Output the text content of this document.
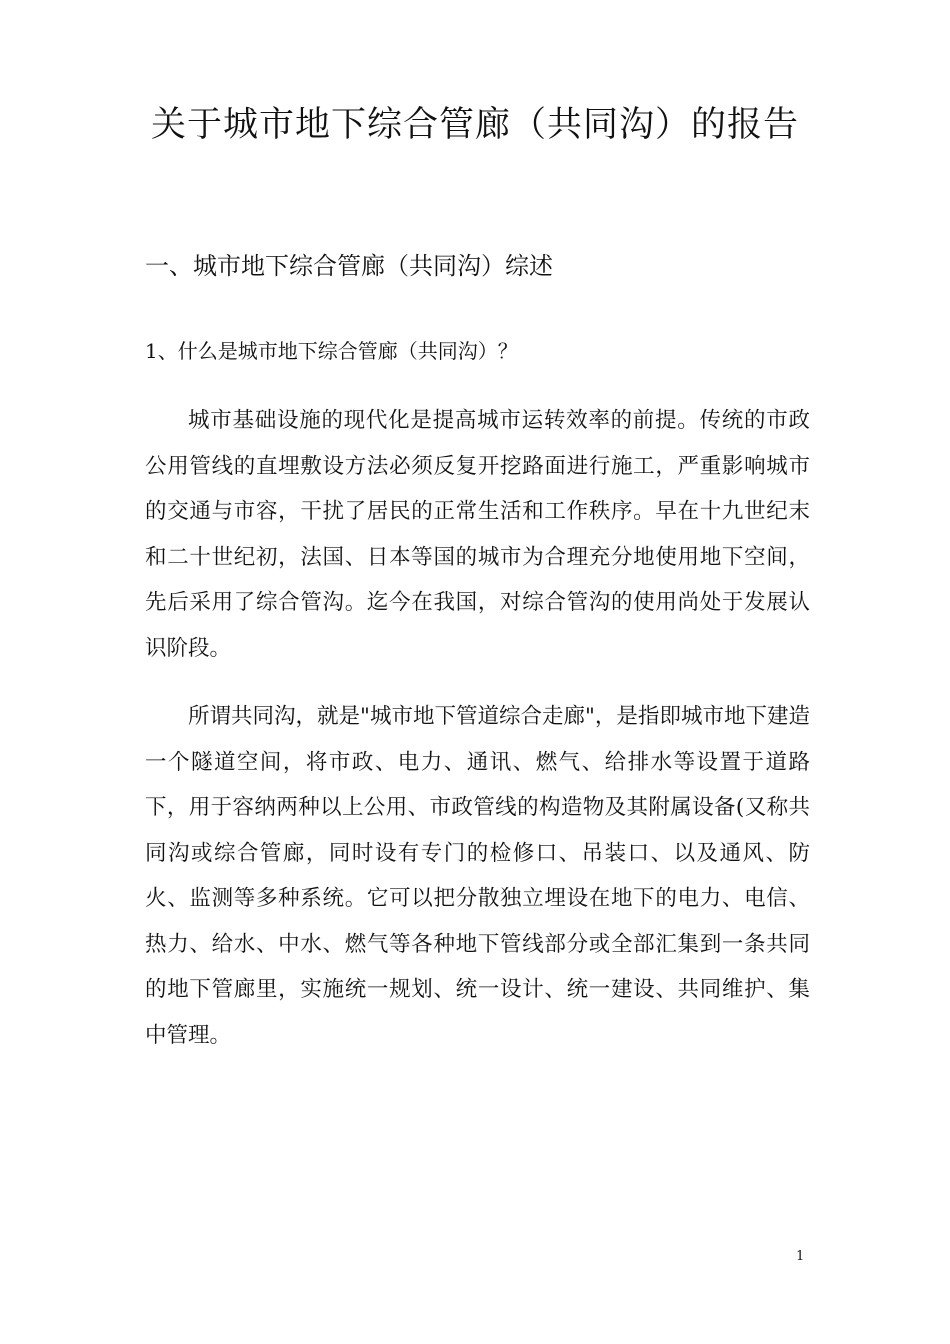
关于城市地下综合管廊（共同沟）的报告
一、城市地下综合管廊（共同沟）综述
1、什么是城市地下综合管廊（共同沟）？

城市基础设施的现代化是提高城市运转效率的前提。传统的市政公用管线的直埋敷设方法必须反复开挖路面进行施工，严重影响城市的交通与市容，干扰了居民的正常生活和工作秩序。早在十九世纪末和二十世纪初，法国、日本等国的城市为合理充分地使用地下空间，先后采用了综合管沟。迄今在我国，对综合管沟的使用尚处于发展认识阶段。

所谓共同沟，就是"城市地下管道综合走廊"，是指即城市地下建造一个隧道空间，将市政、电力、通讯、燃气、给排水等设置于道路下，用于容纳两种以上公用、市政管线的构造物及其附属设备(又称共同沟或综合管廊，同时设有专门的检修口、吊装口、以及通风、防火、监测等多种系统。它可以把分散独立埋设在地下的电力、电信、热力、给水、中水、燃气等各种地下管线部分或全部汇集到一条共同的地下管廊里，实施统一规划、统一设计、统一建设、共同维护、集中管理。

1
